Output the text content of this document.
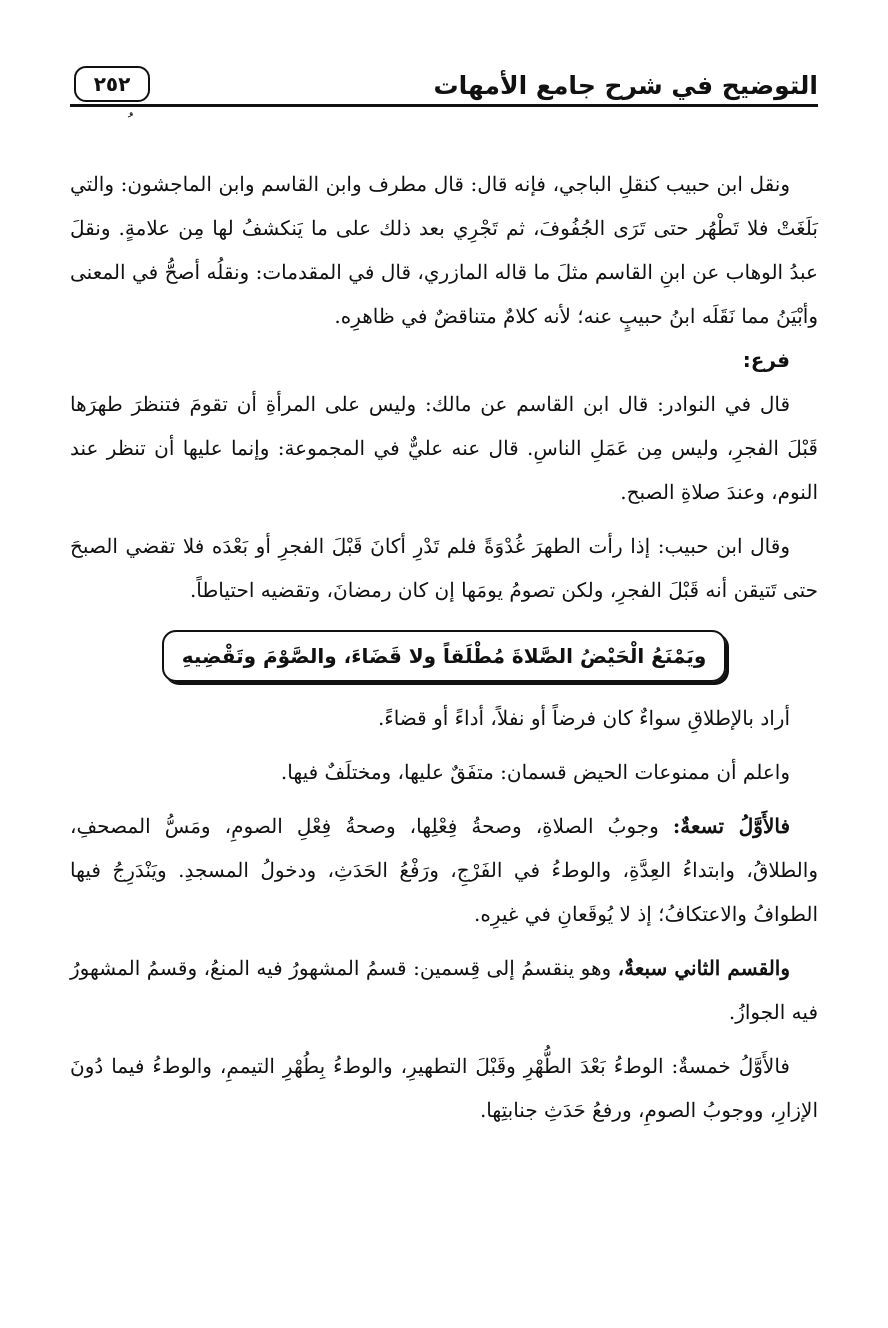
٢٥٢	التوضيح في شرح جامع الأمهات

ونقل ابن حبيب كنقلِ الباجي، فإنه قال: قال مطرف وابن القاسم وابن الماجشون: والتي بَلَغَتْ فلا تَطْهُر حتى تَرَى الجُفُوفَ، ثم تَجْرِي بعد ذلك على ما يَنكشفُ لها مِن علامةٍ. ونقلَ عبدُ الوهاب عن ابنِ القاسم مثلَ ما قاله المازري، قال في المقدمات: ونقلُه أصحُّ في المعنى وأبْيَنُ مما نَقَلَه ابنُ حبيبٍ عنه؛ لأنه كلامٌ متناقضٌ في ظاهرِه.

فرع:

قال في النوادر: قال ابن القاسم عن مالك: وليس على المرأةِ أن تقومَ فتنظرَ طهرَها قَبْلَ الفجرِ، وليس مِن عَمَلِ الناسِ. قال عنه عليٌّ في المجموعة: وإنما عليها أن تنظر عند النوم، وعندَ صلاةِ الصبح.

وقال ابن حبيب: إذا رأت الطهرَ غُدْوَةً فلم تَدْرِ أكانَ قَبْلَ الفجرِ أو بَعْدَه فلا تقضي الصبحَ حتى تَتيقن أنه قَبْلَ الفجرِ، ولكن تصومُ يومَها إن كان رمضانَ، وتقضيه احتياطاً.

ويَمْنَعُ الْحَيْضُ الصَّلاةَ مُطْلَقاً ولا قَضَاءَ، والصَّوْمَ وتَقْضِيهِ

أراد بالإطلاقِ سواءٌ كان فرضاً أو نفلاً، أداءً أو قضاءً.

واعلم أن ممنوعات الحيض قسمان: متفَقٌ عليها، ومختلَفٌ فيها.

فالأَوَّلُ تسعةٌ: وجوبُ الصلاةِ، وصحةُ فِعْلِها، وصحةُ فِعْلِ الصومِ، ومَسُّ المصحفِ، والطلاقُ، وابتداءُ العِدَّةِ، والوطءُ في الفَرْجِ، ورَفْعُ الحَدَثِ، ودخولُ المسجدِ. ويَنْدَرِجُ فيها الطوافُ والاعتكافُ؛ إذ لا يُوقَعانِ في غيرِه.

والقسم الثاني سبعةٌ، وهو ينقسمُ إلى قِسمين: قسمُ المشهورُ فيه المنعُ، وقسمُ المشهورُ فيه الجوازُ.

فالأَوَّلُ خمسةٌ: الوطءُ بَعْدَ الطُّهْرِ وقَبْلَ التطهيرِ، والوطءُ بِطُهْرِ التيممِ، والوطءُ فيما دُونَ الإزارِ، ووجوبُ الصومِ، ورفعُ حَدَثِ جنابتِها.
